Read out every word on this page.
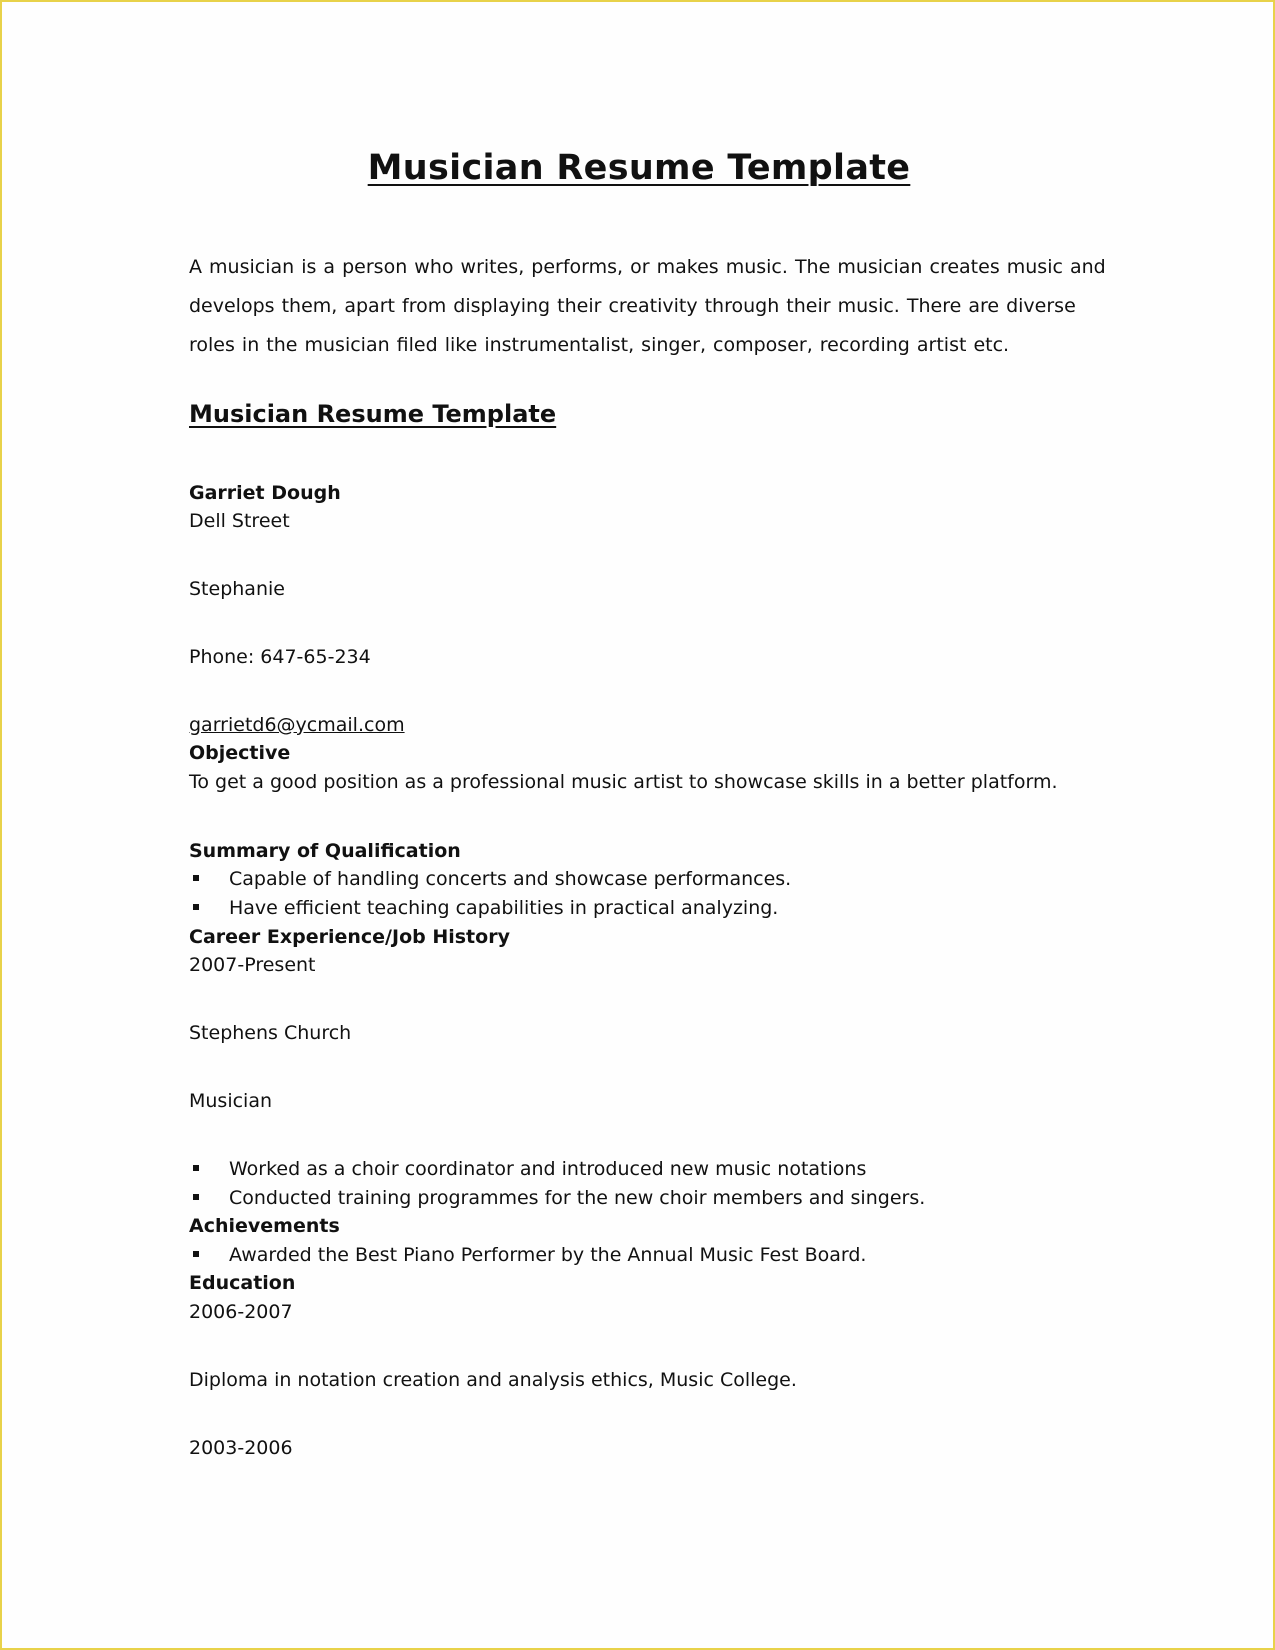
Musician Resume Template

A musician is a person who writes, performs, or makes music. The musician creates music and
develops them, apart from displaying their creativity through their music. There are diverse
roles in the musician filed like instrumentalist, singer, composer, recording artist etc.

Musician Resume Template
Garriet Dough
Dell Street
Stephanie
Phone: 647-65-234
garrietd6@ycmail.com
Objective
To get a good position as a professional music artist to showcase skills in a better platform.
Summary of Qualification
Capable of handling concerts and showcase performances.
Have efficient teaching capabilities in practical analyzing.
Career Experience/Job History
2007-Present
Stephens Church
Musician
Worked as a choir coordinator and introduced new music notations
Conducted training programmes for the new choir members and singers.
Achievements
Awarded the Best Piano Performer by the Annual Music Fest Board.
Education
2006-2007
Diploma in notation creation and analysis ethics, Music College.
2003-2006
